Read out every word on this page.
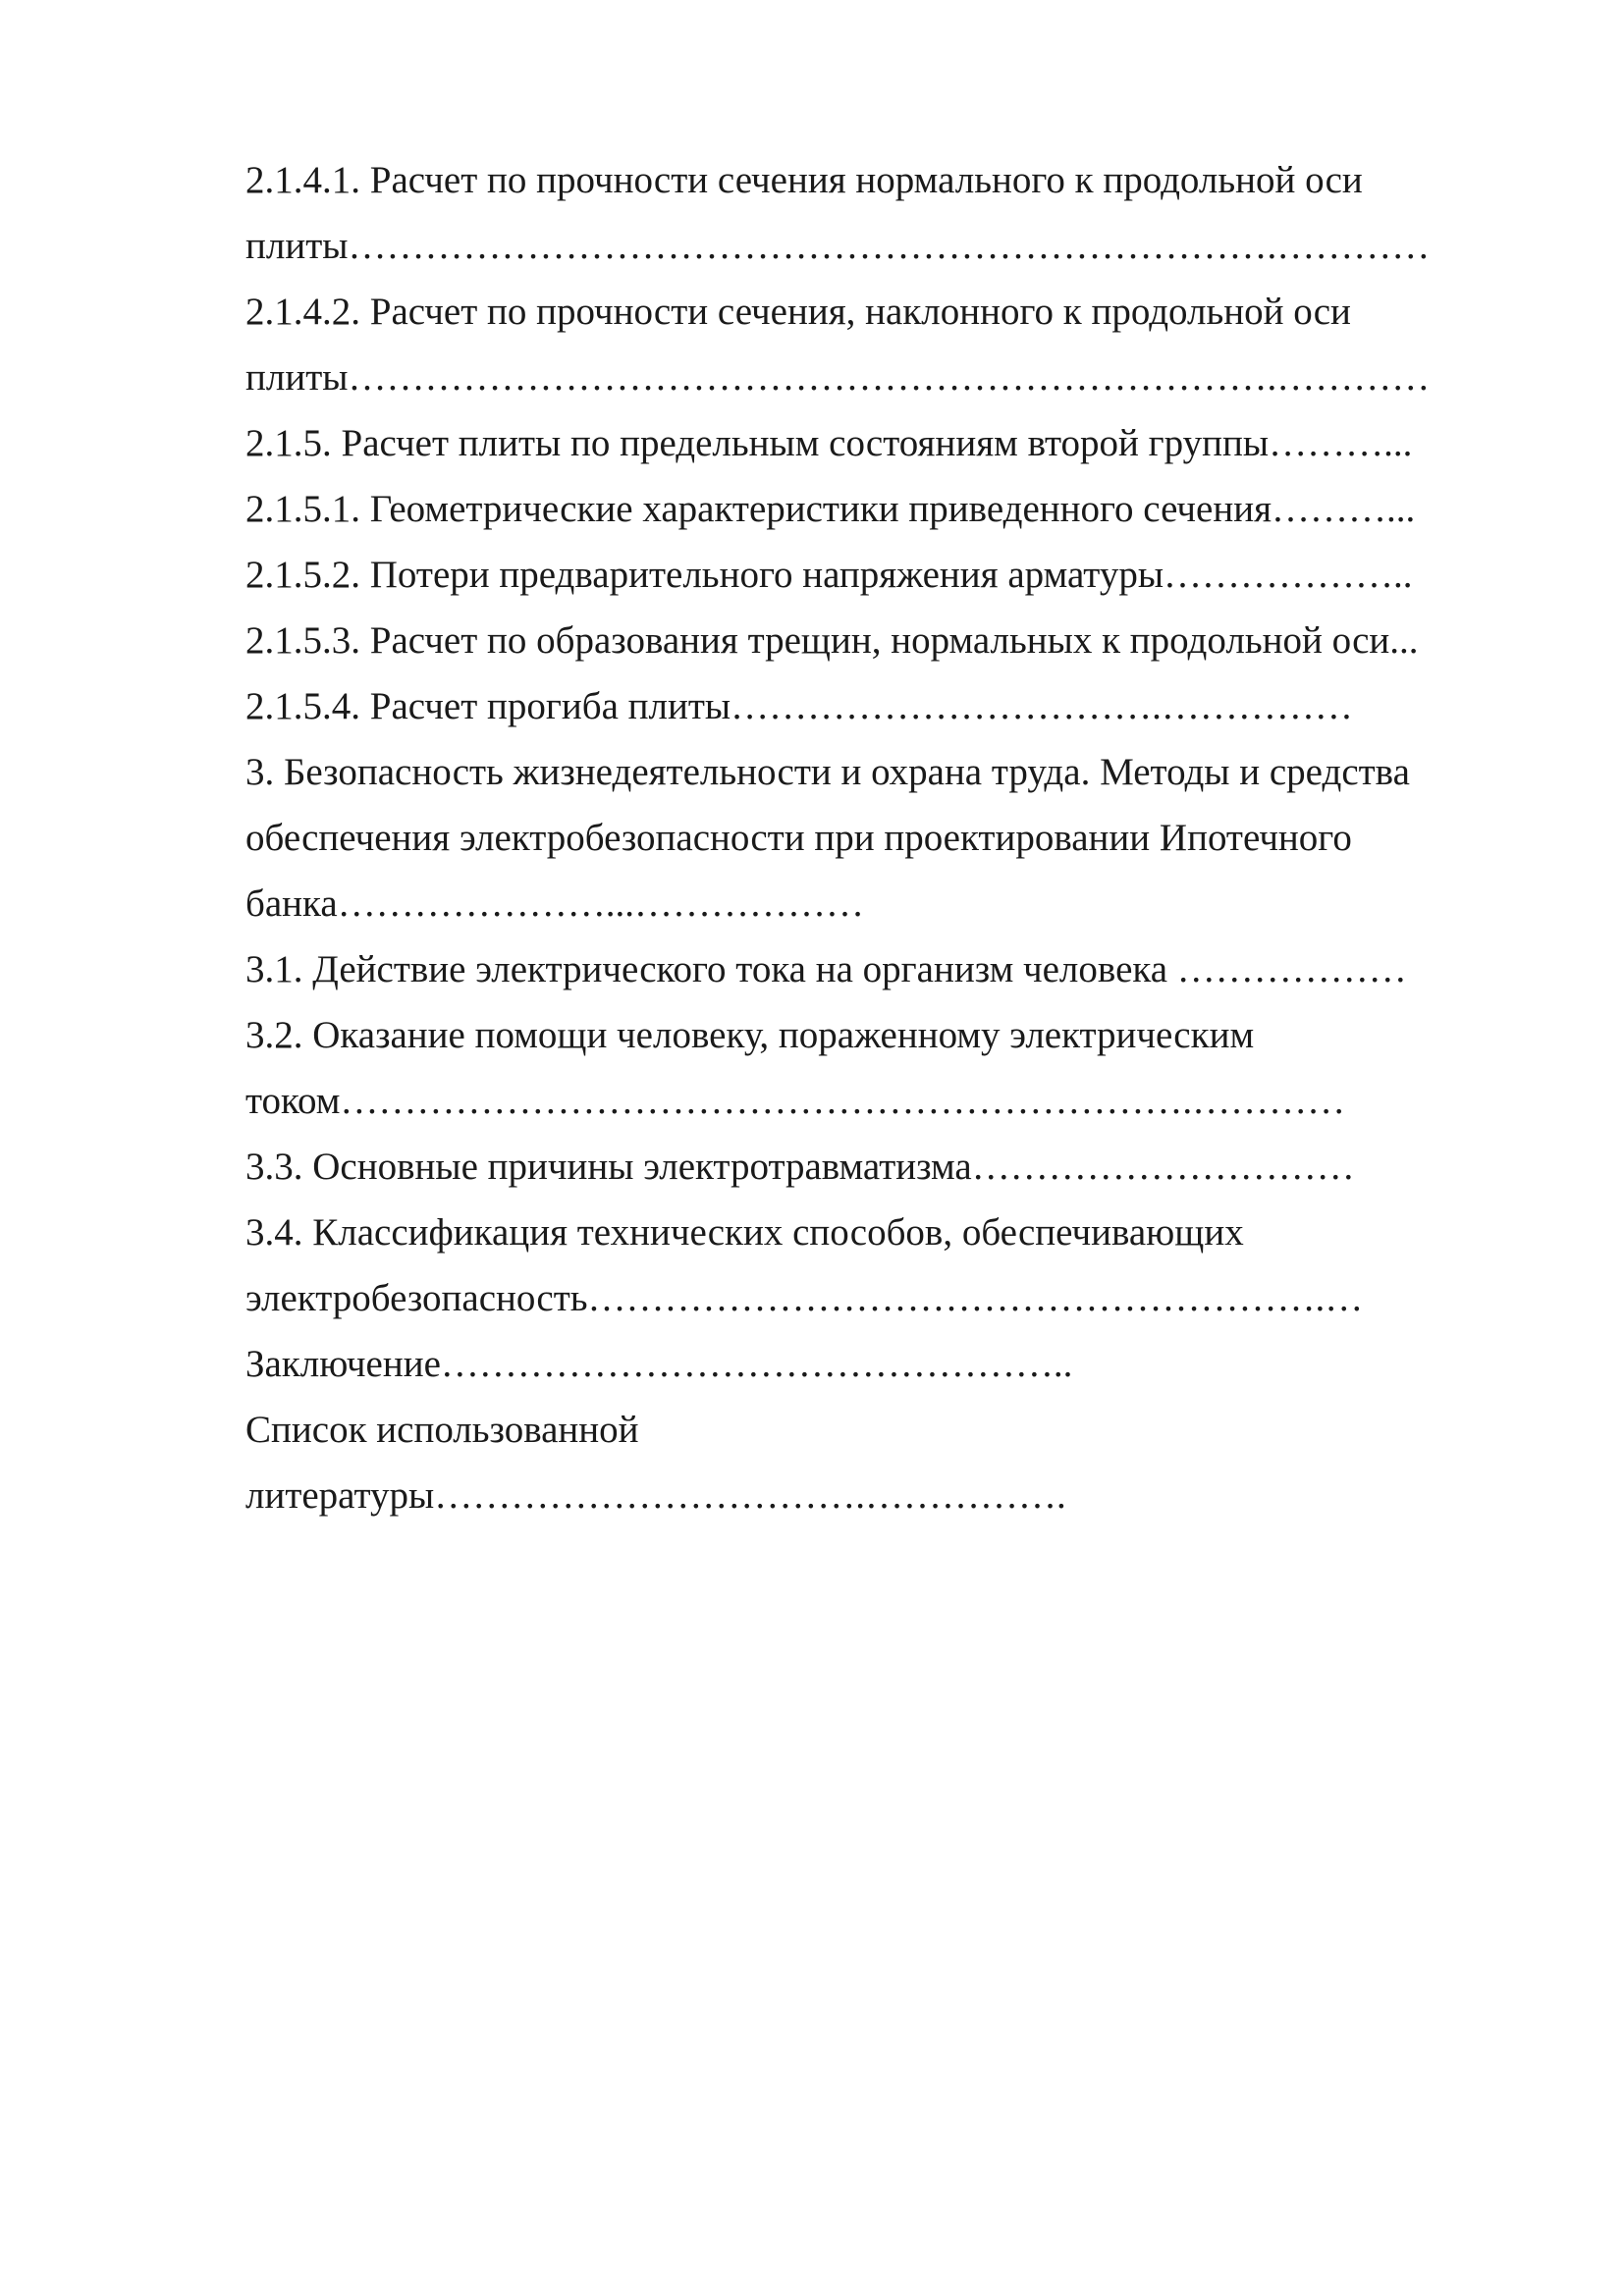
2.1.4.1. Расчет по прочности сечения нормального к продольной оси
плиты……………………………………………………………….…………
2.1.4.2. Расчет по прочности сечения, наклонного к продольной оси
плиты……………………………………………………………….…………
2.1.5. Расчет плиты по предельным состояниям второй группы………...
2.1.5.1. Геометрические характеристики приведенного сечения………...
2.1.5.2. Потери предварительного напряжения арматуры………………..
2.1.5.3. Расчет по образования трещин, нормальных к продольной оси...
2.1.5.4. Расчет прогиба плиты…………………………….……………
3. Безопасность жизнедеятельности и охрана труда. Методы и средства
обеспечения электробезопасности при проектировании Ипотечного
банка…………………...………………
3.1. Действие электрического тока на организм человека ………………
3.2. Оказание помощи человеку, пораженному электрическим
током………………………………………………………….…………
3.3. Основные причины электротравматизма…………………………
3.4. Классификация технических способов, обеспечивающих
электробезопасность………………………………………………….…
Заключение…………………………………………..
Список использованной
литературы…………………………….…………….
